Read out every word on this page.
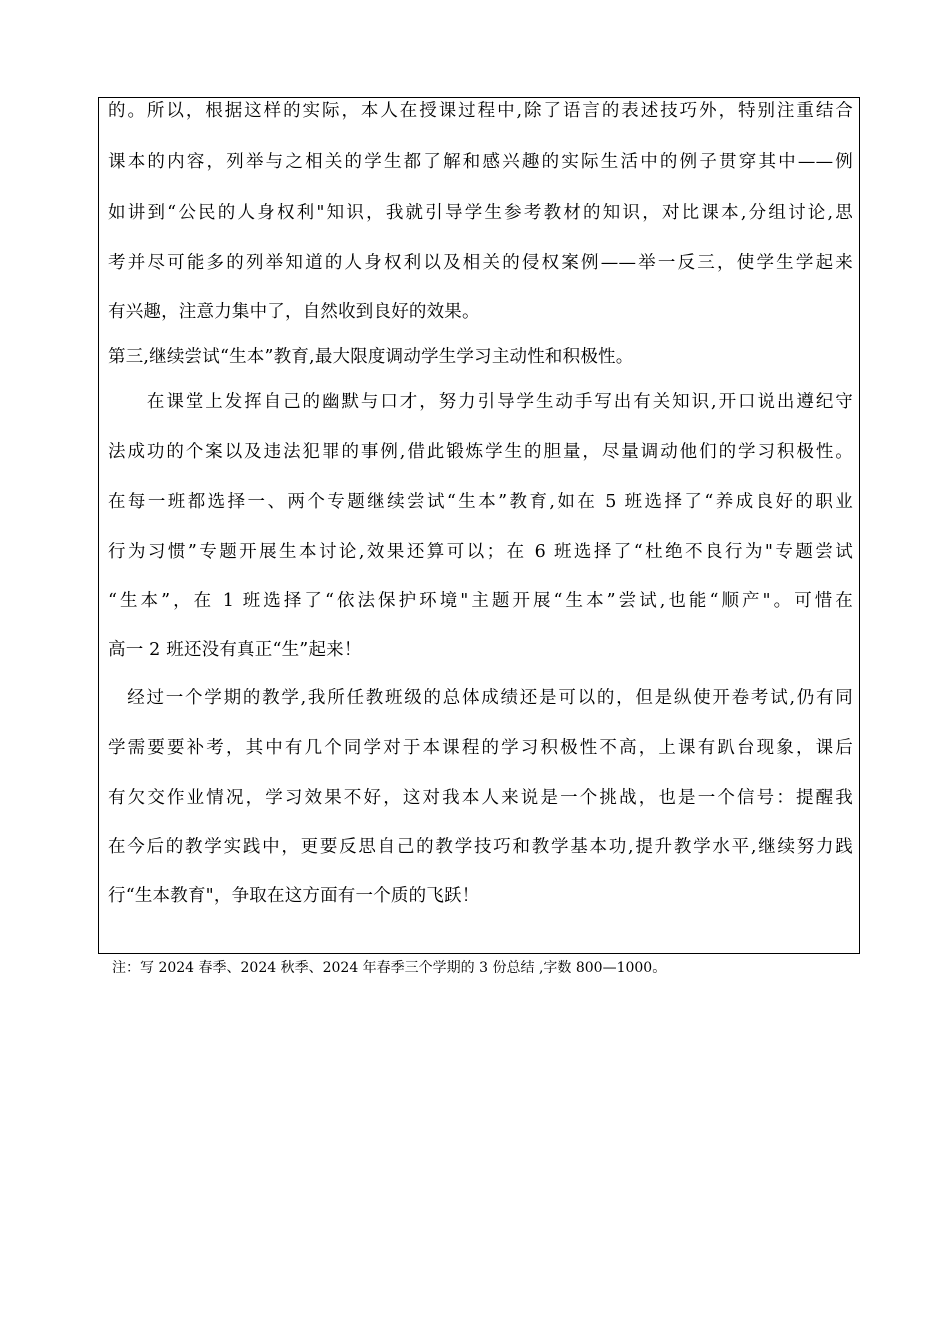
的。所以，根据这样的实际，本人在授课过程中,除了语言的表述技巧外，特别注重结合
课本的内容，列举与之相关的学生都了解和感兴趣的实际生活中的例子贯穿其中——例
如讲到“公民的人身权利"知识，我就引导学生参考教材的知识，对比课本,分组讨论,思
考并尽可能多的列举知道的人身权利以及相关的侵权案例——举一反三，使学生学起来
有兴趣，注意力集中了，自然收到良好的效果。
第三,继续尝试“生本”教育,最大限度调动学生学习主动性和积极性。
　　在课堂上发挥自己的幽默与口才，努力引导学生动手写出有关知识,开口说出遵纪守
法成功的个案以及违法犯罪的事例,借此锻炼学生的胆量，尽量调动他们的学习积极性。
在每一班都选择一、两个专题继续尝试“生本”教育,如在 5 班选择了“养成良好的职业
行为习惯”专题开展生本讨论,效果还算可以；在 6 班选择了“杜绝不良行为"专题尝试
“生本”，在 1 班选择了“依法保护环境"主题开展“生本”尝试,也能“顺产"。可惜在
高一 2 班还没有真正“生”起来！
　经过一个学期的教学,我所任教班级的总体成绩还是可以的，但是纵使开卷考试,仍有同
学需要要补考，其中有几个同学对于本课程的学习积极性不高，上课有趴台现象，课后
有欠交作业情况，学习效果不好，这对我本人来说是一个挑战，也是一个信号：提醒我
在今后的教学实践中，更要反思自己的教学技巧和教学基本功,提升教学水平,继续努力践
行“生本教育"，争取在这方面有一个质的飞跃！
注：写 2024 春季、2024 秋季、2024 年春季三个学期的 3 份总结 ,字数 800—1000。
